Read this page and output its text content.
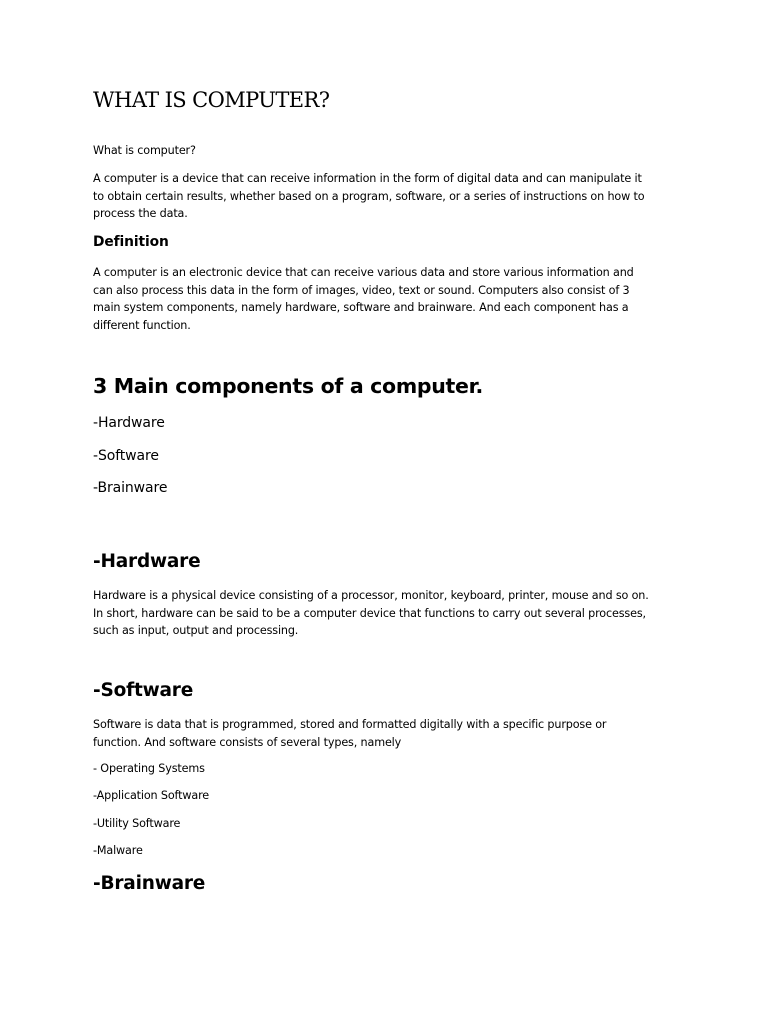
WHAT IS COMPUTER?

What is computer?

A computer is a device that can receive information in the form of digital data and can manipulate it

to obtain certain results, whether based on a program, software, or a series of instructions on how to

process the data.

Definition

A computer is an electronic device that can receive various data and store various information and

can also process this data in the form of images, video, text or sound. Computers also consist of 3

main system components, namely hardware, software and brainware. And each component has a

different function.

3 Main components of a computer.

-Hardware

-Software

-Brainware

-Hardware

Hardware is a physical device consisting of a processor, monitor, keyboard, printer, mouse and so on.

In short, hardware can be said to be a computer device that functions to carry out several processes,

such as input, output and processing.

-Software

Software is data that is programmed, stored and formatted digitally with a specific purpose or

function. And software consists of several types, namely

- Operating Systems

-Application Software

-Utility Software

-Malware

-Brainware
